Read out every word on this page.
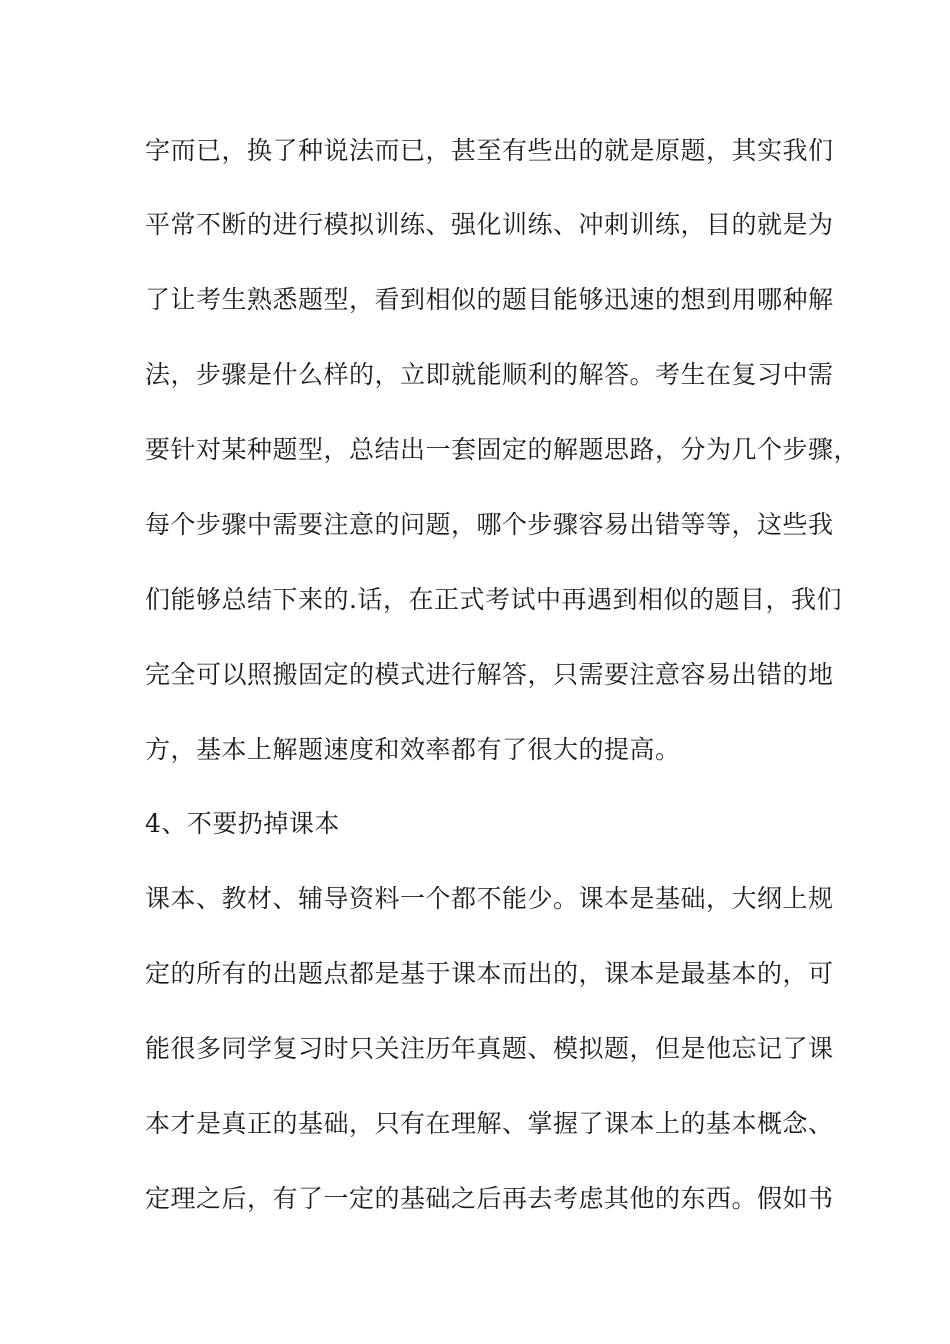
字而已，换了种说法而已，甚至有些出的就是原题，其实我们
平常不断的进行模拟训练、强化训练、冲刺训练，目的就是为
了让考生熟悉题型，看到相似的题目能够迅速的想到用哪种解
法，步骤是什么样的，立即就能顺利的解答。考生在复习中需
要针对某种题型，总结出一套固定的解题思路，分为几个步骤，
每个步骤中需要注意的问题，哪个步骤容易出错等等，这些我
们能够总结下来的.话，在正式考试中再遇到相似的题目，我们
完全可以照搬固定的模式进行解答，只需要注意容易出错的地
方，基本上解题速度和效率都有了很大的提高。
4、不要扔掉课本
课本、教材、辅导资料一个都不能少。课本是基础，大纲上规
定的所有的出题点都是基于课本而出的，课本是最基本的，可
能很多同学复习时只关注历年真题、模拟题，但是他忘记了课
本才是真正的基础，只有在理解、掌握了课本上的基本概念、
定理之后，有了一定的基础之后再去考虑其他的东西。假如书
